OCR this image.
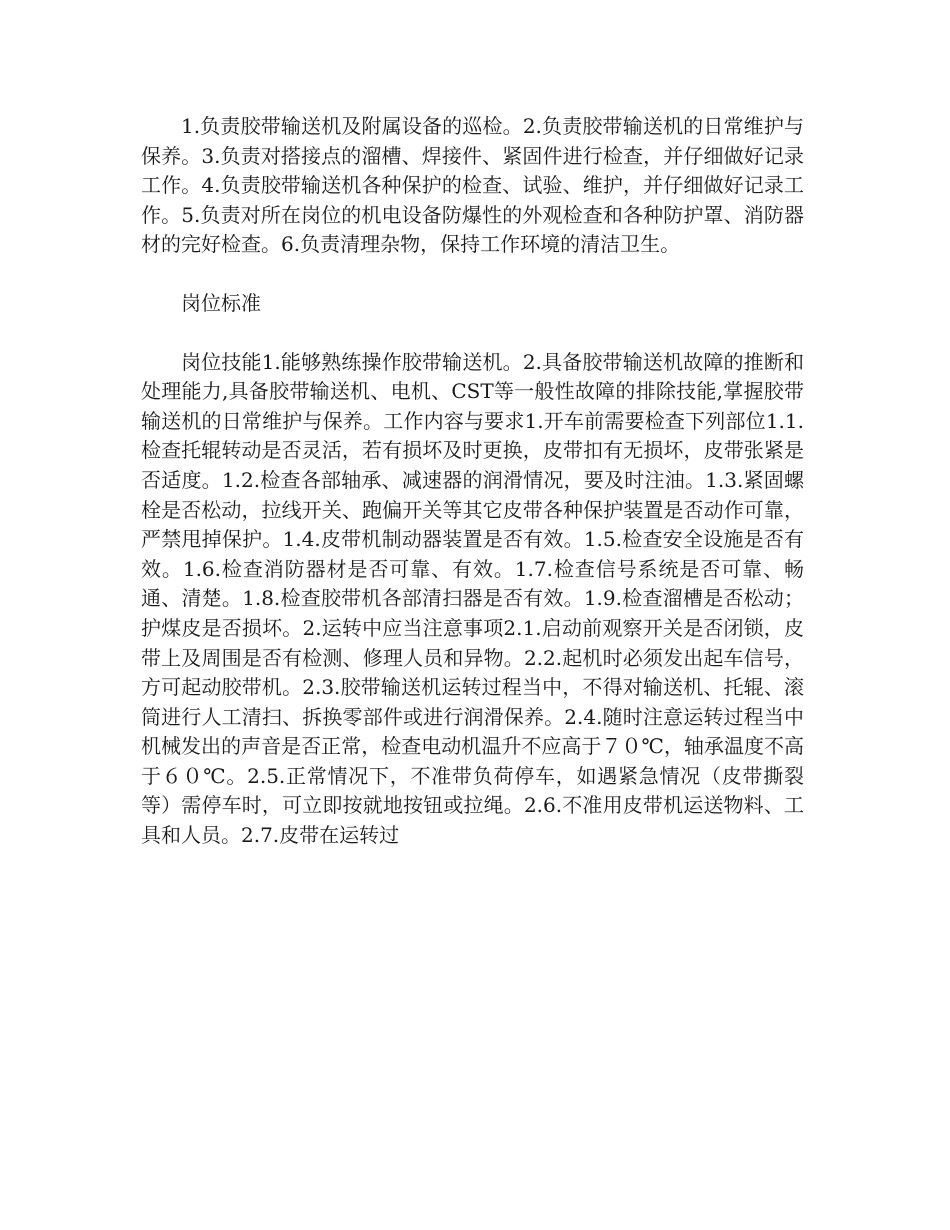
1.负责胶带输送机及附属设备的巡检。2.负责胶带输送机的日常维护与保养。3.负责对搭接点的溜槽、焊接件、紧固件进行检查，并仔细做好记录工作。4.负责胶带输送机各种保护的检查、试验、维护，并仔细做好记录工作。5.负责对所在岗位的机电设备防爆性的外观检查和各种防护罩、消防器材的完好检查。6.负责清理杂物，保持工作环境的清洁卫生。

岗位标准

岗位技能1.能够熟练操作胶带输送机。2.具备胶带输送机故障的推断和处理能力,具备胶带输送机、电机、CST等一般性故障的排除技能,掌握胶带输送机的日常维护与保养。工作内容与要求1.开车前需要检查下列部位1.1.检查托辊转动是否灵活，若有损坏及时更换，皮带扣有无损坏，皮带张紧是否适度。1.2.检查各部轴承、减速器的润滑情况，要及时注油。1.3.紧固螺栓是否松动，拉线开关、跑偏开关等其它皮带各种保护装置是否动作可靠，严禁甩掉保护。1.4.皮带机制动器装置是否有效。1.5.检查安全设施是否有效。1.6.检查消防器材是否可靠、有效。1.7.检查信号系统是否可靠、畅通、清楚。1.8.检查胶带机各部清扫器是否有效。1.9.检查溜槽是否松动；护煤皮是否损坏。2.运转中应当注意事项2.1.启动前观察开关是否闭锁，皮带上及周围是否有检测、修理人员和异物。2.2.起机时必须发出起车信号，方可起动胶带机。2.3.胶带输送机运转过程当中，不得对输送机、托辊、滚筒进行人工清扫、拆换零部件或进行润滑保养。2.4.随时注意运转过程当中机械发出的声音是否正常，检查电动机温升不应高于７０℃，轴承温度不高于６０℃。2.5.正常情况下，不准带负荷停车，如遇紧急情况（皮带撕裂等）需停车时，可立即按就地按钮或拉绳。2.6.不准用皮带机运送物料、工具和人员。2.7.皮带在运转过
